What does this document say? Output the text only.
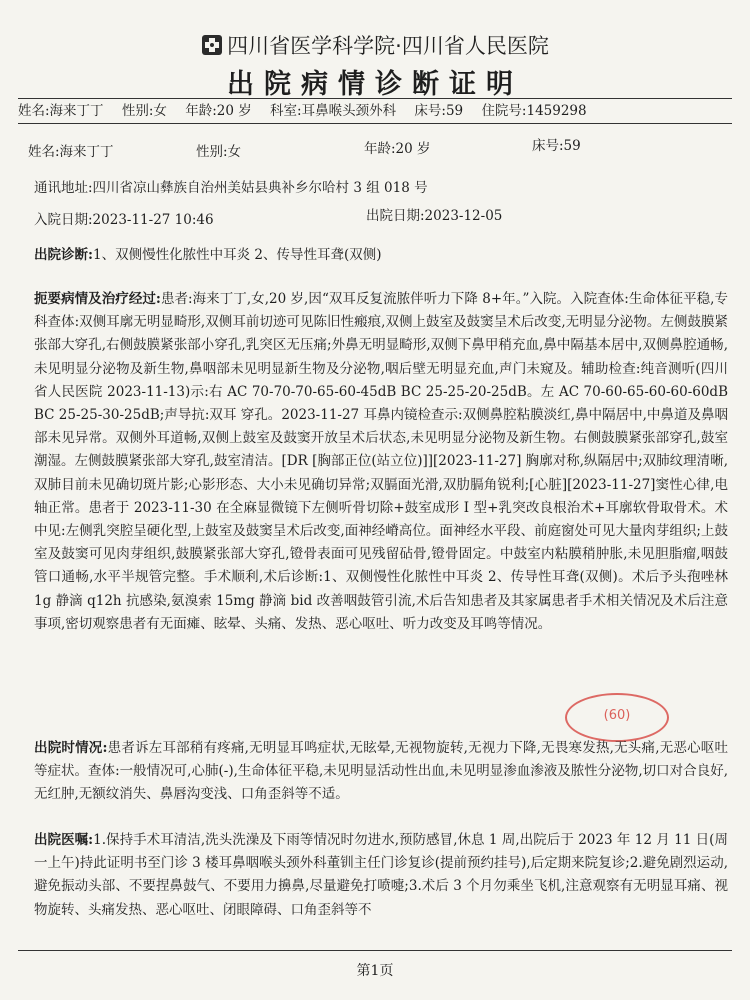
四川省医学科学院·四川省人民医院
出院病情诊断证明
姓名:海来丁丁 性别:女 年龄:20 岁 科室:耳鼻喉头颈外科 床号:59 住院号:1459298
姓名:海来丁丁	性别:女	年龄:20 岁	床号:59
通讯地址:四川省凉山彝族自治州美姑县典补乡尔哈村 3 组 018 号
入院日期:2023-11-27 10:46	出院日期:2023-12-05
出院诊断:1、双侧慢性化脓性中耳炎 2、传导性耳聋(双侧)
扼要病情及治疗经过:患者:海来丁丁,女,20 岁,因“双耳反复流脓伴听力下降 8+年。”入院。入院查体:生命体征平稳,专科查体:双侧耳廓无明显畸形,双侧耳前切迹可见陈旧性瘢痕,双侧上鼓室及鼓窦呈术后改变,无明显分泌物。左侧鼓膜紧张部大穿孔,右侧鼓膜紧张部小穿孔,乳突区无压痛;外鼻无明显畸形,双侧下鼻甲稍充血,鼻中隔基本居中,双侧鼻腔通畅,未见明显分泌物及新生物,鼻咽部未见明显新生物及分泌物,咽后壁无明显充血,声门未窥及。辅助检查:纯音测听(四川省人民医院 2023-11-13)示:右 AC 70-70-70-65-60-45dB BC 25-25-20-25dB。左 AC 70-60-65-60-60-60dB BC 25-25-30-25dB;声导抗:双耳 穿孔。2023-11-27 耳鼻内镜检查示:双侧鼻腔粘膜淡红,鼻中隔居中,中鼻道及鼻咽部未见异常。双侧外耳道畅,双侧上鼓室及鼓窦开放呈术后状态,未见明显分泌物及新生物。右侧鼓膜紧张部穿孔,鼓室潮湿。左侧鼓膜紧张部大穿孔,鼓室清洁。[DR [胸部正位(站立位)]][2023-11-27] 胸廓对称,纵隔居中;双肺纹理清晰,双肺目前未见确切斑片影;心影形态、大小未见确切异常;双膈面光滑,双肋膈角锐利;[心脏][2023-11-27]窦性心律,电轴正常。患者于 2023-11-30 在全麻显微镜下左侧听骨切除+鼓室成形 I 型+乳突改良根治术+耳廓软骨取骨术。术中见:左侧乳突腔呈硬化型,上鼓室及鼓窦呈术后改变,面神经嵴高位。面神经水平段、前庭窗处可见大量肉芽组织;上鼓室及鼓窦可见肉芽组织,鼓膜紧张部大穿孔,镫骨表面可见残留砧骨,镫骨固定。中鼓室内粘膜稍肿胀,未见胆脂瘤,咽鼓管口通畅,水平半规管完整。手术顺利,术后诊断:1、双侧慢性化脓性中耳炎 2、传导性耳聋(双侧)。术后予头孢唑林 1g 静滴 q12h 抗感染,氨溴索 15mg 静滴 bid 改善咽鼓管引流,术后告知患者及其家属患者手术相关情况及术后注意事项,密切观察患者有无面瘫、眩晕、头痛、发热、恶心呕吐、听力改变及耳鸣等情况。
(60)
出院时情况:患者诉左耳部稍有疼痛,无明显耳鸣症状,无眩晕,无视物旋转,无视力下降,无畏寒发热,无头痛,无恶心呕吐等症状。查体:一般情况可,心肺(-),生命体征平稳,未见明显活动性出血,未见明显渗血渗液及脓性分泌物,切口对合良好,无红肿,无额纹消失、鼻唇沟变浅、口角歪斜等不适。
出院医嘱:1.保持手术耳清洁,洗头洗澡及下雨等情况时勿进水,预防感冒,休息 1 周,出院后于 2023 年 12 月 11 日(周一上午)持此证明书至门诊 3 楼耳鼻咽喉头颈外科董钏主任门诊复诊(提前预约挂号),后定期来院复诊;2.避免剧烈运动,避免振动头部、不要捏鼻鼓气、不要用力擤鼻,尽量避免打喷嚏;3.术后 3 个月勿乘坐飞机,注意观察有无明显耳痛、视物旋转、头痛发热、恶心呕吐、闭眼障碍、口角歪斜等不
第1页
